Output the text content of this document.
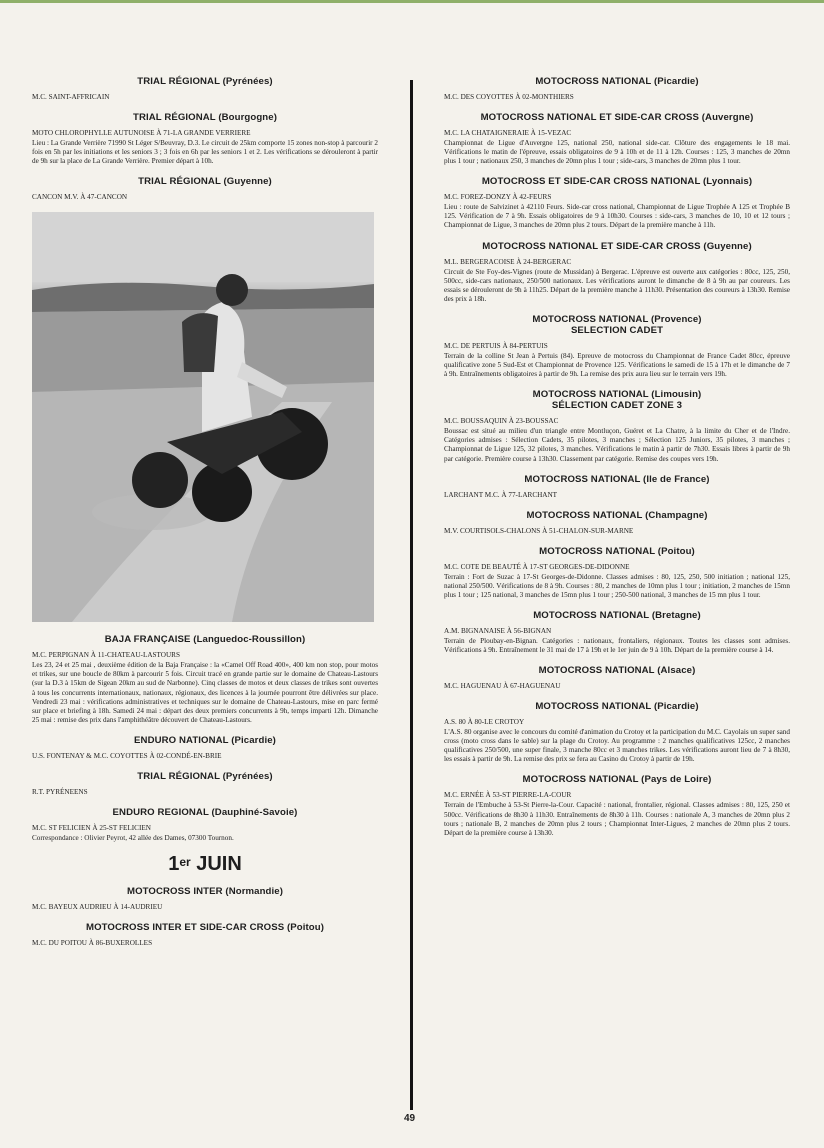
TRIAL RÉGIONAL (Pyrénées)

M.C. SAINT-AFFRICAIN

TRIAL RÉGIONAL (Bourgogne)

MOTO CHLOROPHYLLE AUTUNOISE À 71-LA GRANDE VERRIERE

Lieu : La Grande Verrière 71990 St Léger S/Beuvray, D.3. Le circuit de 25km comporte 15 zones non-stop à parcourir 2 fois en 5h par les initiations et les seniors 3 ; 3 fois en 6h par les seniors 1 et 2. Les vérifications se dérouleront à partir de 9h sur la place de La Grande Verrière. Premier départ à 10h.

TRIAL RÉGIONAL (Guyenne)

CANCON M.V. À 47-CANCON

BAJA FRANÇAISE (Languedoc-Roussillon)

M.C. PERPIGNAN À 11-CHATEAU-LASTOURS

Les 23, 24 et 25 mai , deuxième édition de la Baja Française : la «Camel Off Road 400», 400 km non stop, pour motos et trikes, sur une boucle de 80km à parcourir 5 fois. Circuit tracé en grande partie sur le domaine de Chateau-Lastours (sur la D.3 à 15km de Sigean 20km au sud de Narbonne). Cinq classes de motos et deux classes de trikes sont ouvertes à tous les concurrents internationaux, nationaux, régionaux, des licences à la journée pourront être délivrées sur place. Vendredi 23 mai : vérifications administratives et techniques sur le domaine de Chateau-Lastours, mise en parc fermé sur place et briefing à 18h. Samedi 24 mai : départ des deux premiers concurrents à 9h, temps imparti 12h. Dimanche 25 mai : remise des prix dans l'amphithéâtre découvert de Chateau-Lastours.

ENDURO NATIONAL (Picardie)

U.S. FONTENAY & M.C. COYOTTES À 02-CONDÉ-EN-BRIE

TRIAL RÉGIONAL (Pyrénées)

R.T. PYRÉNEENS

ENDURO REGIONAL (Dauphiné-Savoie)

M.C. ST FELICIEN À 25-ST FELICIEN

Correspondance : Olivier Peyrot, 42 allée des Dames, 07300 Tournon.

1er JUIN

MOTOCROSS INTER (Normandie)

M.C. BAYEUX AUDRIEU À 14-AUDRIEU

MOTOCROSS INTER ET SIDE-CAR CROSS (Poitou)

M.C. DU POITOU À 86-BUXEROLLES

MOTOCROSS NATIONAL (Picardie)

M.C. DES COYOTTES À 02-MONTHIERS

MOTOCROSS NATIONAL ET SIDE-CAR CROSS (Auvergne)

M.C. LA CHATAIGNERAIE À 15-VEZAC

Championnat de Ligue d'Auvergne 125, national 250, national side-car. Clôture des engagements le 18 mai. Vérifications le matin de l'épreuve, essais obligatoires de 9 à 10h et de 11 à 12h. Courses : 125, 3 manches de 20mn plus 1 tour ; nationaux 250, 3 manches de 20mn plus 1 tour ; side-cars, 3 manches de 20mn plus 1 tour.

MOTOCROSS ET SIDE-CAR CROSS NATIONAL (Lyonnais)

M.C. FOREZ-DONZY À 42-FEURS

Lieu : route de Salvizinet à 42110 Feurs. Side-car cross national, Championnat de Ligue Trophée A 125 et Trophée B 125. Vérification de 7 à 9h. Essais obligatoires de 9 à 10h30. Courses : side-cars, 3 manches de 10, 10 et 12 tours ; Championnat de Ligue, 3 manches de 20mn plus 2 tours. Départ de la première manche à 11h.

MOTOCROSS NATIONAL ET SIDE-CAR CROSS (Guyenne)

M.L. BERGERACOISE À 24-BERGERAC

Circuit de Ste Foy-des-Vignes (route de Mussidan) à Bergerac. L'épreuve est ouverte aux catégories : 80cc, 125, 250, 500cc, side-cars nationaux, 250/500 nationaux. Les vérifications auront le dimanche de 8 à 9h au par coureurs. Les essais se dérouleront de 9h à 11h25. Départ de la première manche à 11h30. Présentation des coureurs à 13h30. Remise des prix à 18h.

MOTOCROSS NATIONAL (Provence)
SELECTION CADET

M.C. DE PERTUIS À 84-PERTUIS

Terrain de la colline St Jean à Pertuis (84). Epreuve de motocross du Championnat de France Cadet 80cc, épreuve qualificative zone 5 Sud-Est et Championnat de Provence 125. Vérifications le samedi de 15 à 17h et le dimanche de 7 à 9h. Entraînements obligatoires à partir de 9h. La remise des prix aura lieu sur le terrain vers 19h.

MOTOCROSS NATIONAL (Limousin)
SÉLECTION CADET ZONE 3

M.C. BOUSSAQUIN À 23-BOUSSAC

Boussac est situé au milieu d'un triangle entre Montluçon, Guéret et La Chatre, à la limite du Cher et de l'Indre. Catégories admises : Sélection Cadets, 35 pilotes, 3 manches ; Sélection 125 Juniors, 35 pilotes, 3 manches ; Championnat de Ligue 125, 32 pilotes, 3 manches. Vérifications le matin à partir de 7h30. Essais libres à partir de 9h par catégorie. Première course à 13h30. Classement par catégorie. Remise des coupes vers 19h.

MOTOCROSS NATIONAL (Ile de France)

LARCHANT M.C. À 77-LARCHANT

MOTOCROSS NATIONAL (Champagne)

M.V. COURTISOLS-CHALONS À 51-CHALON-SUR-MARNE

MOTOCROSS NATIONAL (Poitou)

M.C. COTE DE BEAUTÉ À 17-ST GEORGES-DE-DIDONNE

Terrain : Fort de Suzac à 17-St Georges-de-Didonne. Classes admises : 80, 125, 250, 500 initiation ; national 125, national 250/500. Vérifications de 8 à 9h. Courses : 80, 2 manches de 10mn plus 1 tour ; initiation, 2 manches de 15mn plus 1 tour ; 125 national, 3 manches de 15mn plus 1 tour ; 250-500 national, 3 manches de 15 mn plus 1 tour.

MOTOCROSS NATIONAL (Bretagne)

A.M. BIGNANAISE À 56-BIGNAN

Terrain de Ploubay-en-Bignan. Catégories : nationaux, frontaliers, régionaux. Toutes les classes sont admises. Vérifications à 9h. Entraînement le 31 mai de 17 à 19h et le 1er juin de 9 à 10h. Départ de la première course à 14.

MOTOCROSS NATIONAL (Alsace)

M.C. HAGUENAU À 67-HAGUENAU

MOTOCROSS NATIONAL (Picardie)

A.S. 80 À 80-LE CROTOY

L'A.S. 80 organise avec le concours du comité d'animation du Crotoy et la participation du M.C. Cayolais un super sand cross (moto cross dans le sable) sur la plage du Crotoy. Au programme : 2 manches qualificatives 125cc, 2 manches qualificatives 250/500, une super finale, 3 manche 80cc et 3 manches trikes. Les vérifications auront lieu de 7 à 8h30, les essais à partir de 9h. La remise des prix se fera au Casino du Crotoy à partir de 19h.

MOTOCROSS NATIONAL (Pays de Loire)

M.C. ERNÉE À 53-ST PIERRE-LA-COUR

Terrain de l'Embuche à 53-St Pierre-la-Cour. Capacité : national, frontalier, régional. Classes admises : 80, 125, 250 et 500cc. Vérifications de 8h30 à 11h30. Entraînements de 8h30 à 11h. Courses : nationale A, 3 manches de 20mn plus 2 tours ; nationale B, 2 manches de 20mn plus 2 tours ; Championnat Inter-Ligues, 2 manches de 20mn plus 2 tours. Départ de la première course à 13h30.

49
